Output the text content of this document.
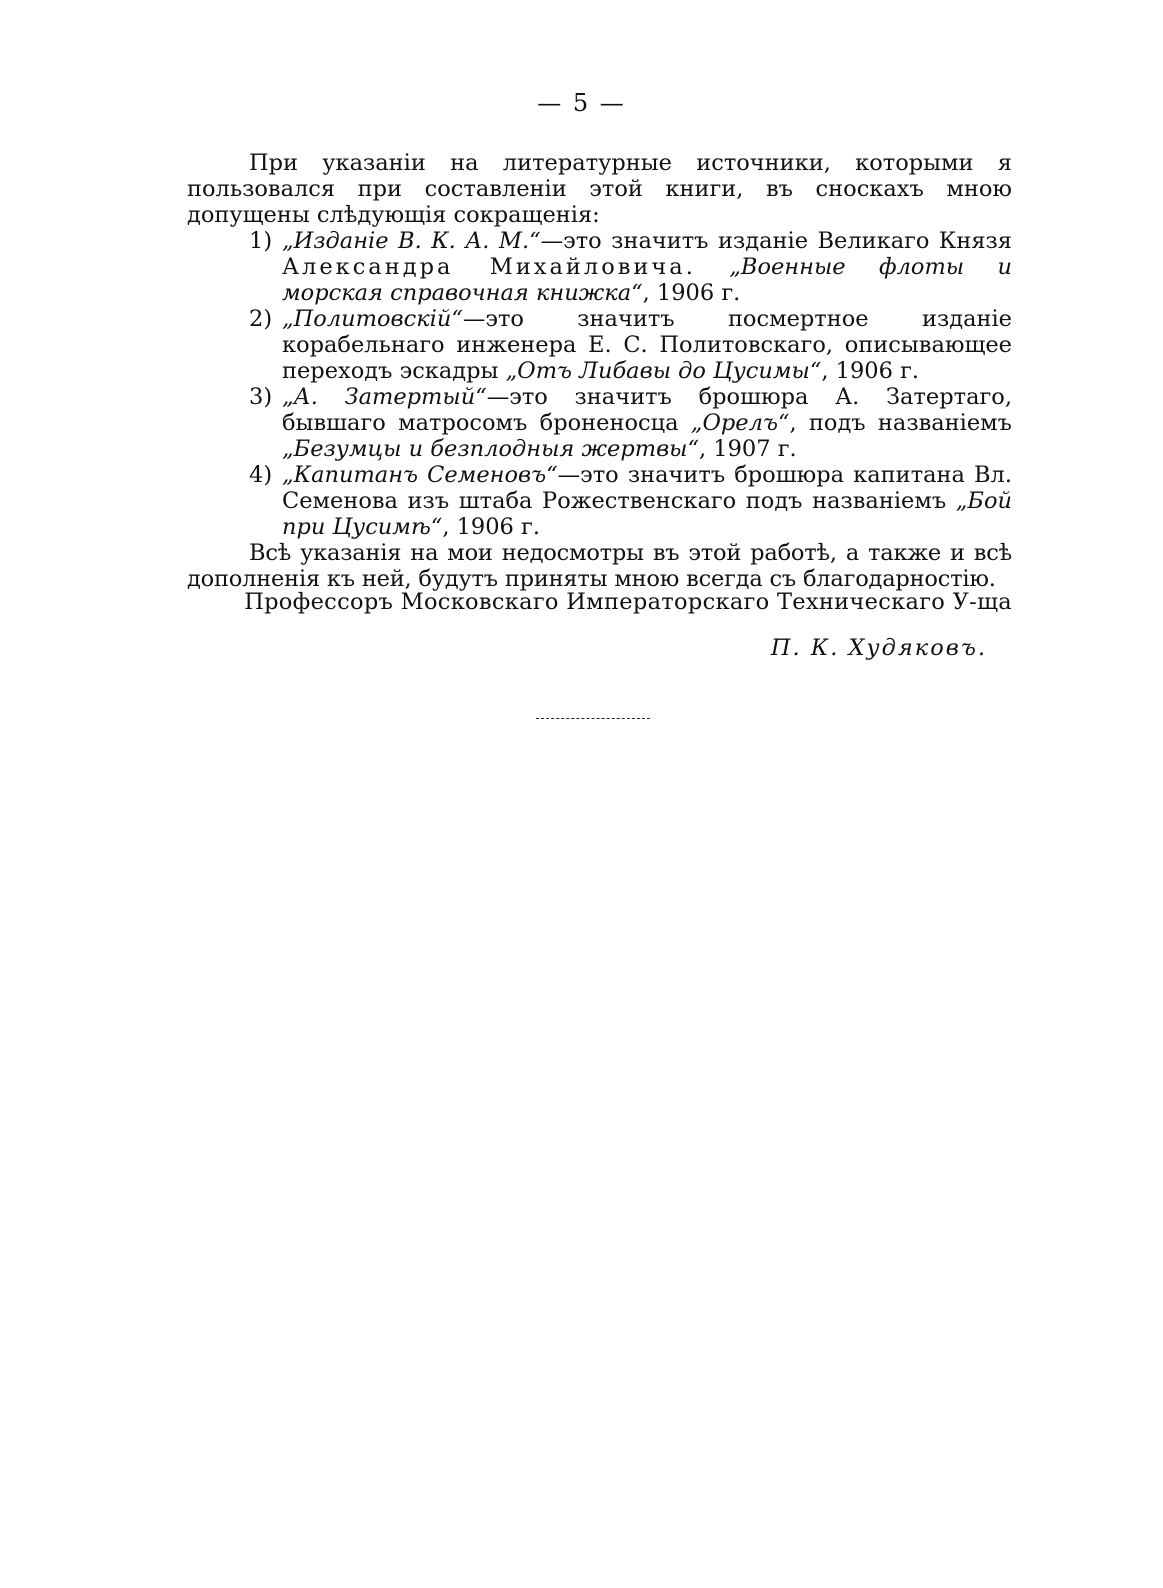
— 5 —

При указаніи на литературные источники, которыми я пользовался при составленіи этой книги, въ сноскахъ мною допущены слѣдующія сокращенія:

1) „Изданіе В. К. А. М.“—это значитъ изданіе Великаго Князя Александра Михайловича. „Военные флоты и морская справочная книжка“, 1906 г.
2) „Политовскій“—это значитъ посмертное изданіе корабельнаго инженера Е. С. Политовскаго, описывающее переходъ эскадры „Отъ Либавы до Цусимы“, 1906 г.
3) „А. Затертый“—это значитъ брошюра А. Затертаго, бывшаго матросомъ броненосца „Орелъ“, подъ названіемъ „Безумцы и безплодныя жертвы“, 1907 г.
4) „Капитанъ Семеновъ“—это значитъ брошюра капитана Вл. Семенова изъ штаба Рожественскаго подъ названіемъ „Бой при Цусимѣ“, 1906 г.

Всѣ указанія на мои недосмотры въ этой работѣ, а также и всѣ дополненія къ ней, будутъ приняты мною всегда съ благодарностію.

Профессоръ Московскаго Императорскаго Техническаго У-ща
П. К. Худяковъ.
